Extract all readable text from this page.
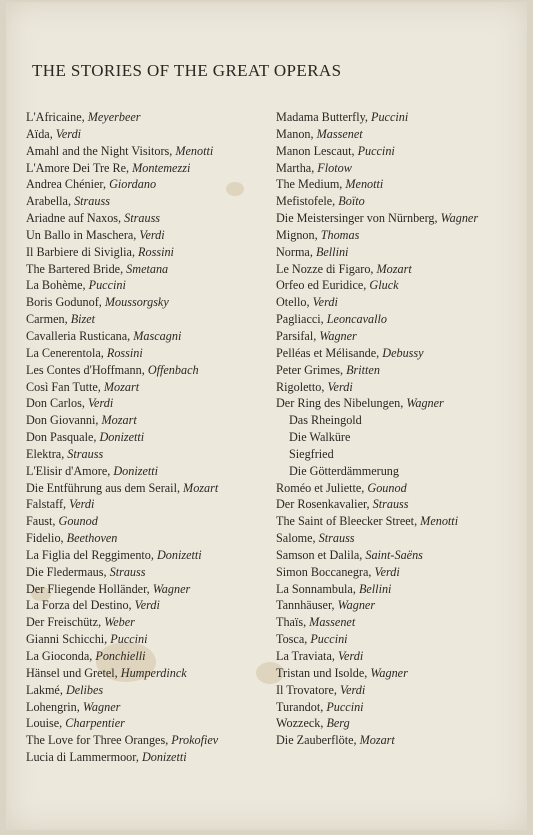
THE STORIES OF THE GREAT OPERAS
L'Africaine, Meyerbeer
Aïda, Verdi
Amahl and the Night Visitors, Menotti
L'Amore Dei Tre Re, Montemezzi
Andrea Chénier, Giordano
Arabella, Strauss
Ariadne auf Naxos, Strauss
Un Ballo in Maschera, Verdi
Il Barbiere di Siviglia, Rossini
The Bartered Bride, Smetana
La Bohème, Puccini
Boris Godunof, Moussorgsky
Carmen, Bizet
Cavalleria Rusticana, Mascagni
La Cenerentola, Rossini
Les Contes d'Hoffmann, Offenbach
Così Fan Tutte, Mozart
Don Carlos, Verdi
Don Giovanni, Mozart
Don Pasquale, Donizetti
Elektra, Strauss
L'Elisir d'Amore, Donizetti
Die Entführung aus dem Serail, Mozart
Falstaff, Verdi
Faust, Gounod
Fidelio, Beethoven
La Figlia del Reggimento, Donizetti
Die Fledermaus, Strauss
Der Fliegende Holländer, Wagner
La Forza del Destino, Verdi
Der Freischütz, Weber
Gianni Schicchi, Puccini
La Gioconda, Ponchielli
Hänsel und Gretel, Humperdinck
Lakmé, Delibes
Lohengrin, Wagner
Louise, Charpentier
The Love for Three Oranges, Prokofiev
Lucia di Lammermoor, Donizetti
Madama Butterfly, Puccini
Manon, Massenet
Manon Lescaut, Puccini
Martha, Flotow
The Medium, Menotti
Mefistofele, Boïto
Die Meistersinger von Nürnberg, Wagner
Mignon, Thomas
Norma, Bellini
Le Nozze di Figaro, Mozart
Orfeo ed Euridice, Gluck
Otello, Verdi
Pagliacci, Leoncavallo
Parsifal, Wagner
Pelléas et Mélisande, Debussy
Peter Grimes, Britten
Rigoletto, Verdi
Der Ring des Nibelungen, Wagner
Das Rheingold
Die Walküre
Siegfried
Die Götterdämmerung
Roméo et Juliette, Gounod
Der Rosenkavalier, Strauss
The Saint of Bleecker Street, Menotti
Salome, Strauss
Samson et Dalila, Saint-Saëns
Simon Boccanegra, Verdi
La Sonnambula, Bellini
Tannhäuser, Wagner
Thaïs, Massenet
Tosca, Puccini
La Traviata, Verdi
Tristan und Isolde, Wagner
Il Trovatore, Verdi
Turandot, Puccini
Wozzeck, Berg
Die Zauberflöte, Mozart
